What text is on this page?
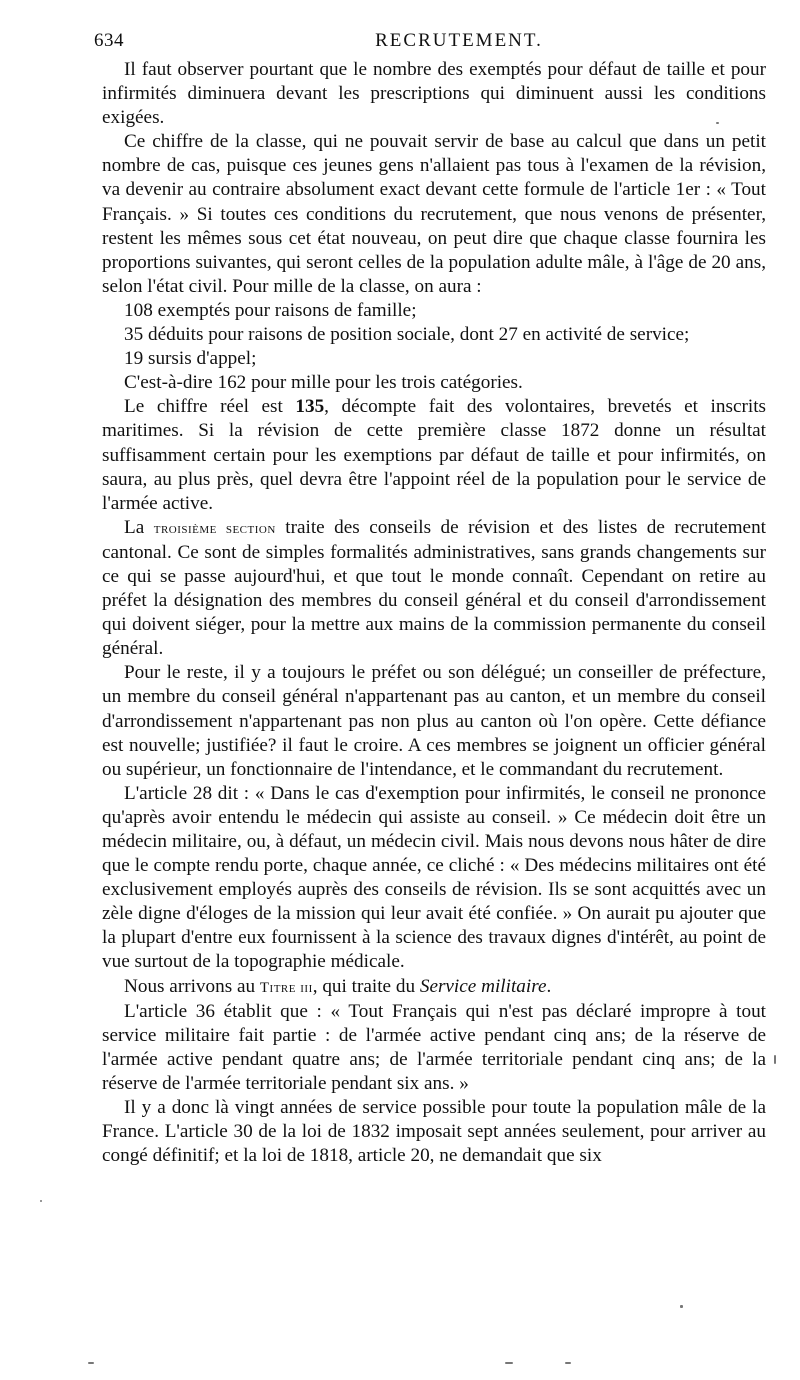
634	RECRUTEMENT.

Il faut observer pourtant que le nombre des exemptés pour défaut de taille et pour infirmités diminuera devant les prescriptions qui diminuent aussi les conditions exigées.

Ce chiffre de la classe, qui ne pouvait servir de base au calcul que dans un petit nombre de cas, puisque ces jeunes gens n'allaient pas tous à l'examen de la révision, va devenir au contraire absolument exact devant cette formule de l'article 1er : « Tout Français. » Si toutes ces conditions du recrutement, que nous venons de présenter, restent les mêmes sous cet état nouveau, on peut dire que chaque classe fournira les proportions suivantes, qui seront celles de la population adulte mâle, à l'âge de 20 ans, selon l'état civil. Pour mille de la classe, on aura :

108 exemptés pour raisons de famille;

35 déduits pour raisons de position sociale, dont 27 en activité de service;

19 sursis d'appel;

C'est-à-dire 162 pour mille pour les trois catégories.

Le chiffre réel est 135, décompte fait des volontaires, brevetés et inscrits maritimes. Si la révision de cette première classe 1872 donne un résultat suffisamment certain pour les exemptions par défaut de taille et pour infirmités, on saura, au plus près, quel devra être l'appoint réel de la population pour le service de l'armée active.

La troisième section traite des conseils de révision et des listes de recrutement cantonal. Ce sont de simples formalités administratives, sans grands changements sur ce qui se passe aujourd'hui, et que tout le monde connaît. Cependant on retire au préfet la désignation des membres du conseil général et du conseil d'arrondissement qui doivent siéger, pour la mettre aux mains de la commission permanente du conseil général.

Pour le reste, il y a toujours le préfet ou son délégué; un conseiller de préfecture, un membre du conseil général n'appartenant pas au canton, et un membre du conseil d'arrondissement n'appartenant pas non plus au canton où l'on opère. Cette défiance est nouvelle; justifiée? il faut le croire. A ces membres se joignent un officier général ou supérieur, un fonctionnaire de l'intendance, et le commandant du recrutement.

L'article 28 dit : « Dans le cas d'exemption pour infirmités, le conseil ne prononce qu'après avoir entendu le médecin qui assiste au conseil. » Ce médecin doit être un médecin militaire, ou, à défaut, un médecin civil. Mais nous devons nous hâter de dire que le compte rendu porte, chaque année, ce cliché : « Des médecins militaires ont été exclusivement employés auprès des conseils de révision. Ils se sont acquittés avec un zèle digne d'éloges de la mission qui leur avait été confiée. » On aurait pu ajouter que la plupart d'entre eux fournissent à la science des travaux dignes d'intérêt, au point de vue surtout de la topographie médicale.

Nous arrivons au Titre iii, qui traite du Service militaire.

L'article 36 établit que : « Tout Français qui n'est pas déclaré impropre à tout service militaire fait partie : de l'armée active pendant cinq ans; de la réserve de l'armée active pendant quatre ans; de l'armée territoriale pendant cinq ans; de la réserve de l'armée territoriale pendant six ans. »

Il y a donc là vingt années de service possible pour toute la population mâle de la France. L'article 30 de la loi de 1832 imposait sept années seulement, pour arriver au congé définitif; et la loi de 1818, article 20, ne demandait que six
